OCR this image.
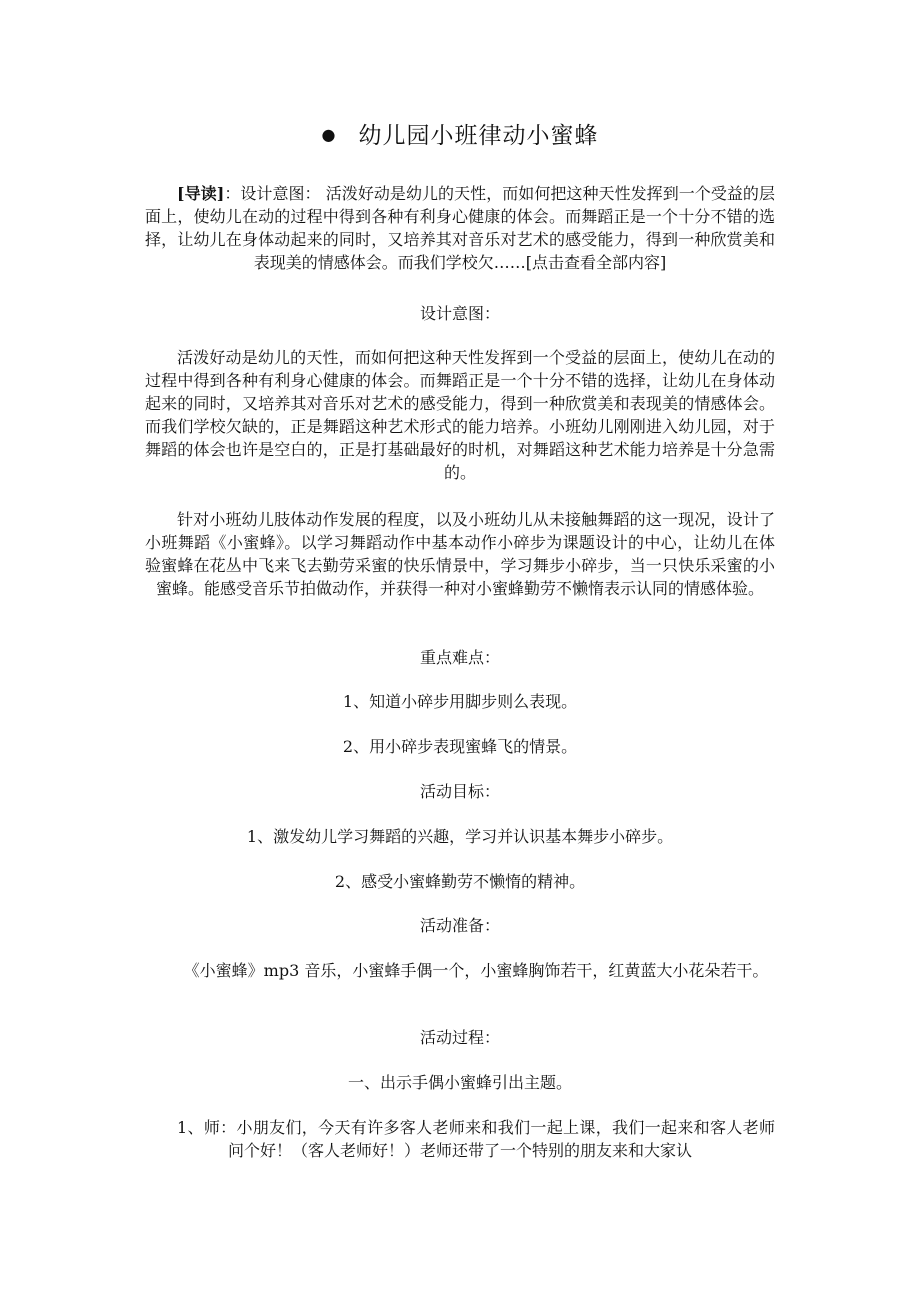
● 幼儿园小班律动小蜜蜂
[导读]：设计意图： 活泼好动是幼儿的天性，而如何把这种天性发挥到一个受益的层面上，使幼儿在动的过程中得到各种有利身心健康的体会。而舞蹈正是一个十分不错的选择，让幼儿在身体动起来的同时，又培养其对音乐对艺术的感受能力，得到一种欣赏美和表现美的情感体会。而我们学校欠……[点击查看全部内容]
设计意图：
活泼好动是幼儿的天性，而如何把这种天性发挥到一个受益的层面上，使幼儿在动的过程中得到各种有利身心健康的体会。而舞蹈正是一个十分不错的选择，让幼儿在身体动起来的同时，又培养其对音乐对艺术的感受能力，得到一种欣赏美和表现美的情感体会。而我们学校欠缺的，正是舞蹈这种艺术形式的能力培养。小班幼儿刚刚进入幼儿园，对于舞蹈的体会也许是空白的，正是打基础最好的时机，对舞蹈这种艺术能力培养是十分急需的。
针对小班幼儿肢体动作发展的程度，以及小班幼儿从未接触舞蹈的这一现况，设计了小班舞蹈《小蜜蜂》。以学习舞蹈动作中基本动作小碎步为课题设计的中心，让幼儿在体验蜜蜂在花丛中飞来飞去勤劳采蜜的快乐情景中，学习舞步小碎步，当一只快乐采蜜的小蜜蜂。能感受音乐节拍做动作，并获得一种对小蜜蜂勤劳不懒惰表示认同的情感体验。
重点难点：
1、知道小碎步用脚步则么表现。
2、用小碎步表现蜜蜂飞的情景。
活动目标：
1、激发幼儿学习舞蹈的兴趣，学习并认识基本舞步小碎步。
2、感受小蜜蜂勤劳不懒惰的精神。
活动准备：
《小蜜蜂》mp3 音乐，小蜜蜂手偶一个，小蜜蜂胸饰若干，红黄蓝大小花朵若干。
活动过程：
一、出示手偶小蜜蜂引出主题。
1、师：小朋友们，今天有许多客人老师来和我们一起上课，我们一起来和客人老师问个好！（客人老师好！）老师还带了一个特别的朋友来和大家认
